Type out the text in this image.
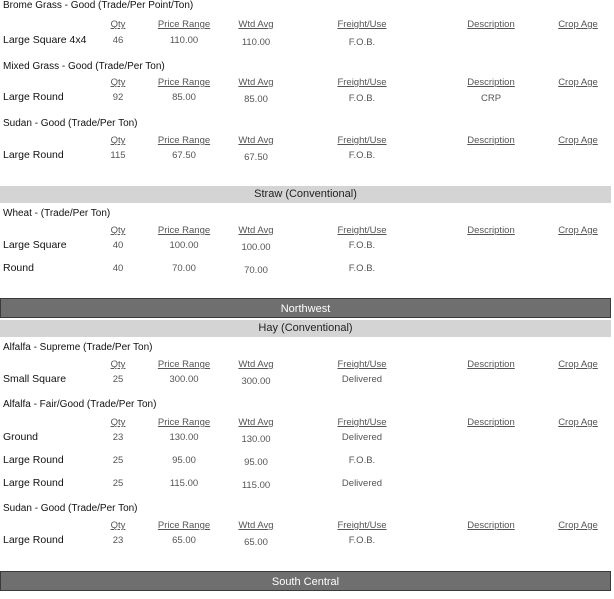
Brome Grass - Good (Trade/Per Point/Ton)
Qty	Price Range	Wtd Avg	Freight/Use	Description	Crop Age
Large Square 4x4	46	110.00	110.00	F.O.B.
Mixed Grass - Good (Trade/Per Ton)
Qty	Price Range	Wtd Avg	Freight/Use	Description	Crop Age
Large Round	92	85.00	85.00	F.O.B.	CRP
Sudan - Good (Trade/Per Ton)
Qty	Price Range	Wtd Avg	Freight/Use	Description	Crop Age
Large Round	115	67.50	67.50	F.O.B.
Straw (Conventional)
Wheat - (Trade/Per Ton)
Qty	Price Range	Wtd Avg	Freight/Use	Description	Crop Age
Large Square	40	100.00	100.00	F.O.B.
Round	40	70.00	70.00	F.O.B.
Northwest
Hay (Conventional)
Alfalfa - Supreme (Trade/Per Ton)
Qty	Price Range	Wtd Avg	Freight/Use	Description	Crop Age
Small Square	25	300.00	300.00	Delivered
Alfalfa - Fair/Good (Trade/Per Ton)
Qty	Price Range	Wtd Avg	Freight/Use	Description	Crop Age
Ground	23	130.00	130.00	Delivered
Large Round	25	95.00	95.00	F.O.B.
Large Round	25	115.00	115.00	Delivered
Sudan - Good (Trade/Per Ton)
Qty	Price Range	Wtd Avg	Freight/Use	Description	Crop Age
Large Round	23	65.00	65.00	F.O.B.
South Central
